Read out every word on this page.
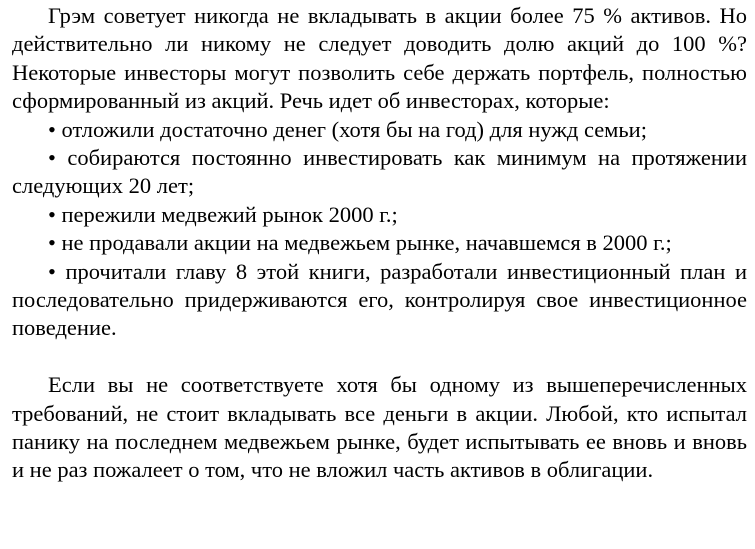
Грэм советует никогда не вкладывать в акции более 75 % активов. Но действительно ли никому не следует доводить долю акций до 100 %? Некоторые инвесторы могут позволить себе держать портфель, полностью сформированный из акций. Речь идет об инвесторах, которые:

• отложили достаточно денег (хотя бы на год) для нужд семьи;

• собираются постоянно инвестировать как минимум на протяжении следующих 20 лет;

• пережили медвежий рынок 2000 г.;

• не продавали акции на медвежьем рынке, начавшемся в 2000 г.;

• прочитали главу 8 этой книги, разработали инвестиционный план и последовательно придерживаются его, контролируя свое инвестиционное поведение.

Если вы не соответствуете хотя бы одному из вышеперечисленных требований, не стоит вкладывать все деньги в акции. Любой, кто испытал панику на последнем медвежьем рынке, будет испытывать ее вновь и вновь и не раз пожалеет о том, что не вложил часть активов в облигации.
